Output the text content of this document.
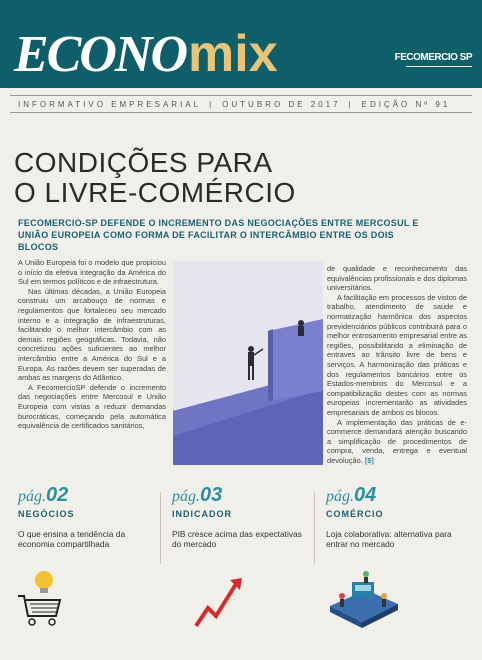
ECONOmix	FECOMERCIO SP
INFORMATIVO EMPRESARIAL | OUTUBRO DE 2017 | EDIÇÃO Nº 91
CONDIÇÕES PARA
O LIVRE-COMÉRCIO
FECOMERCIO-SP DEFENDE O INCREMENTO DAS NEGOCIAÇÕES ENTRE MERCOSUL E UNIÃO EUROPEIA COMO FORMA DE FACILITAR O INTERCÂMBIO ENTRE OS DOIS BLOCOS

A União Europeia foi o modelo que propiciou o início da efetiva integração da América do Sul em termos políticos e de infraestrutura.

Nas últimas décadas, a União Europeia construiu um arcabouço de normas e regulamentos que fortaleceu seu mercado interno e a integração de infraestruturas, facilitando o melhor intercâmbio com as demais regiões geográficas. Todavia, não concretizou ações suficientes ao melhor intercâmbio entre a América do Sul e a Europa. As razões devem ser superadas de ambas as margens do Atlântico.

A FecomercioSP defende o incremento das negociações entre Mercosul e União Europeia com vistas a reduzir demandas burocráticas, começando pela automática equivalência de certificados sanitários,

de qualidade e reconhecimento das equivalências profissionais e dos diplomas universitários.

A facilitação em processos de vistos de trabalho, atendimento de saúde e normatização harmônica dos aspectos previdenciários públicos contribuirá para o melhor entrosamento empresarial entre as regiões, possibilitando a eliminação de entraves ao trânsito livre de bens e serviços. A harmonização das práticas e dos regulamentos bancários entre os Estados-membros do Mercosul e a compatibilização destes com as normas europeias incrementarão as atividades empresariais de ambos os blocos.

A implementação das práticas de e-commerce demandará atenção buscando a simplificação de procedimentos de compra, venda, entrega e eventual devolução. [$]

pág.02
NEGÓCIOS
O que ensina a tendência da economia compartilhada
pág.03
INDICADOR
PIB cresce acima das expectativas do mercado
pág.04
COMÉRCIO
Loja colaborativa: alternativa para entrar no mercado
